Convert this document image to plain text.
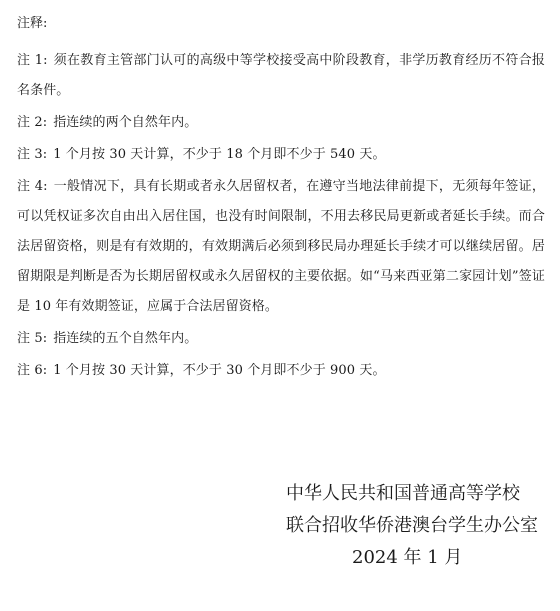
注释:

注 1: 须在教育主管部门认可的高级中等学校接受高中阶段教育，非学历教育经历不符合报名条件。

注 2: 指连续的两个自然年内。

注 3: 1 个月按 30 天计算，不少于 18 个月即不少于 540 天。

注 4: 一般情况下，具有长期或者永久居留权者，在遵守当地法律前提下，无须每年签证，可以凭权证多次自由出入居住国，也没有时间限制，不用去移民局更新或者延长手续。而合法居留资格，则是有有效期的，有效期满后必须到移民局办理延长手续才可以继续居留。居留期限是判断是否为长期居留权或永久居留权的主要依据。如“马来西亚第二家园计划”签证是 10 年有效期签证，应属于合法居留资格。

注 5: 指连续的五个自然年内。

注 6: 1 个月按 30 天计算，不少于 30 个月即不少于 900 天。

中华人民共和国普通高等学校
联合招收华侨港澳台学生办公室
2024 年 1 月
